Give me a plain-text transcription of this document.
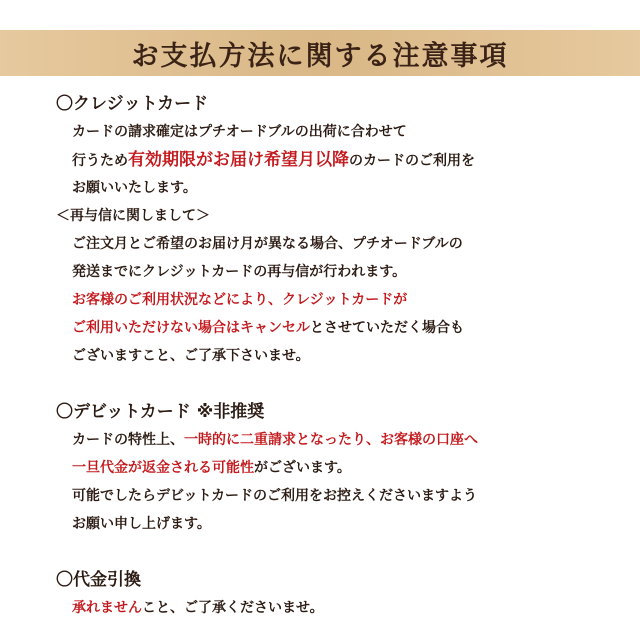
お支払方法に関する注意事項
〇クレジットカード
カードの請求確定はプチオードブルの出荷に合わせて
行うため有効期限がお届け希望月以降のカードのご利用を
お願いいたします。
＜再与信に関しまして＞
ご注文月とご希望のお届け月が異なる場合、プチオードブルの
発送までにクレジットカードの再与信が行われます。
お客様のご利用状況などにより、クレジットカードが
ご利用いただけない場合はキャンセルとさせていただく場合も
ございますこと、ご了承下さいませ。
〇デビットカード ※非推奨
カードの特性上、一時的に二重請求となったり、お客様の口座へ
一旦代金が返金される可能性がございます。
可能でしたらデビットカードのご利用をお控えくださいますよう
お願い申し上げます。
〇代金引換
承れませんこと、ご了承くださいませ。
